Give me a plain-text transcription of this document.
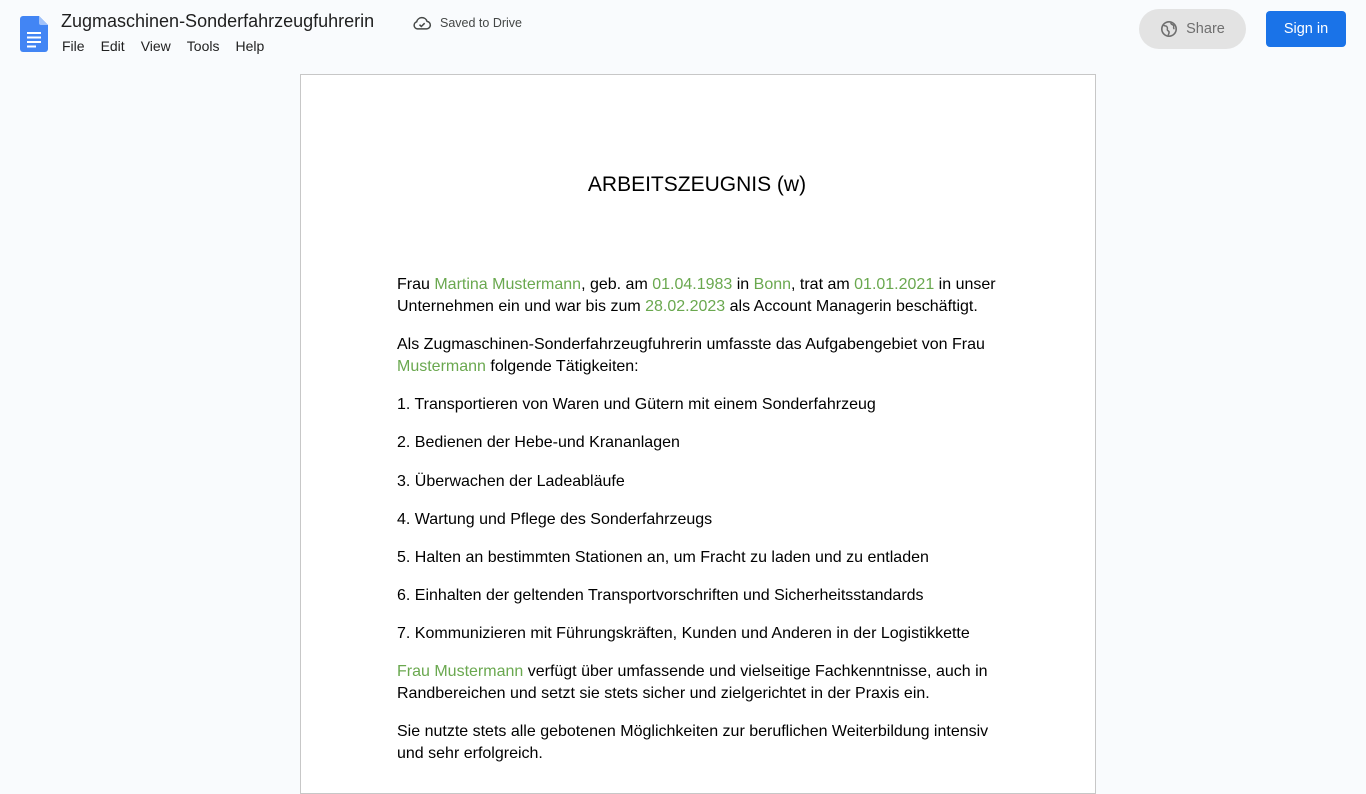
Zugmaschinen-Sonderfahrzeugfuhrerin	Saved to Drive
File	Edit	View	Tools	Help
Share	Sign in
ARBEITSZEUGNIS (w)
Frau Martina Mustermann, geb. am 01.04.1983 in Bonn, trat am 01.01.2021 in unser Unternehmen ein und war bis zum 28.02.2023 als Account Managerin beschäftigt.
Als Zugmaschinen-Sonderfahrzeugfuhrerin umfasste das Aufgabengebiet von Frau Mustermann folgende Tätigkeiten:
1. Transportieren von Waren und Gütern mit einem Sonderfahrzeug
2. Bedienen der Hebe-und Krananlagen
3. Überwachen der Ladeabläufe
4. Wartung und Pflege des Sonderfahrzeugs
5. Halten an bestimmten Stationen an, um Fracht zu laden und zu entladen
6. Einhalten der geltenden Transportvorschriften und Sicherheitsstandards
7. Kommunizieren mit Führungskräften, Kunden und Anderen in der Logistikkette
Frau Mustermann verfügt über umfassende und vielseitige Fachkenntnisse, auch in Randbereichen und setzt sie stets sicher und zielgerichtet in der Praxis ein.
Sie nutzte stets alle gebotenen Möglichkeiten zur beruflichen Weiterbildung intensiv und sehr erfolgreich.
